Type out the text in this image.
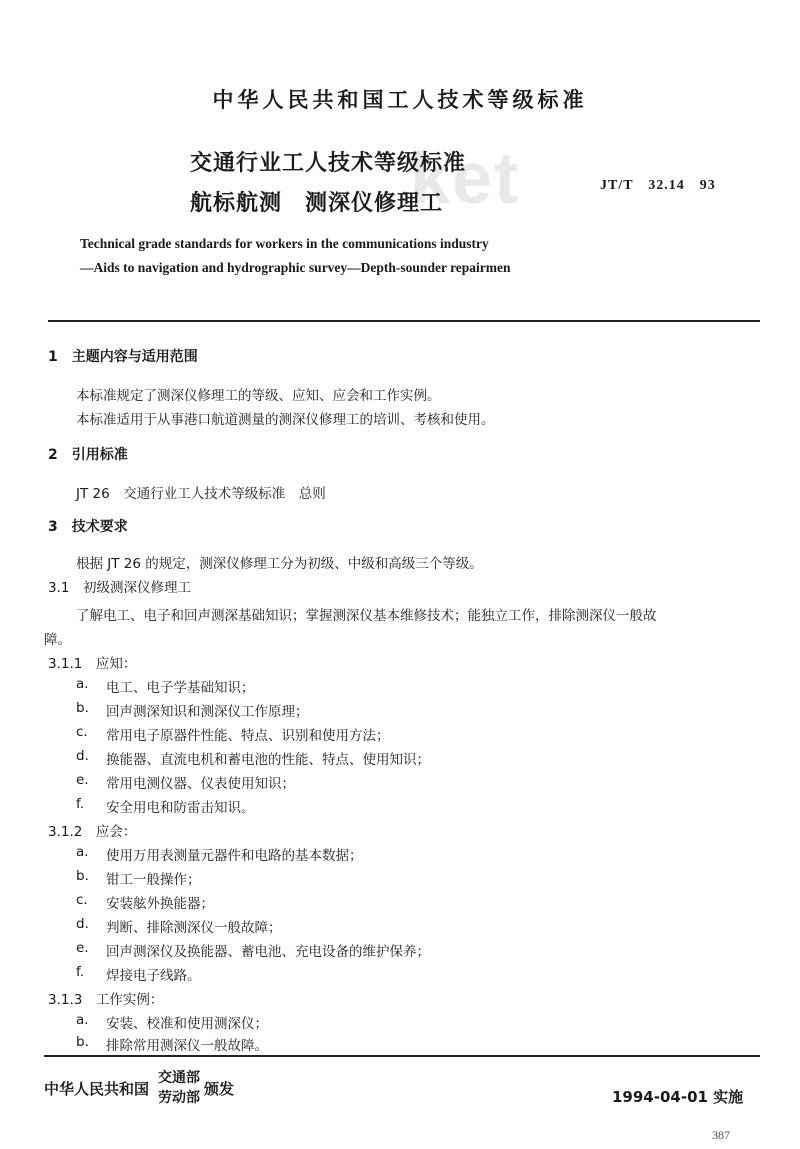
中华人民共和国工人技术等级标准
ket
交通行业工人技术等级标准
航标航测　测深仪修理工
JT/T　32.14　93
Technical grade standards for workers in the communications industry
—Aids to navigation and hydrographic survey—Depth-sounder repairmen
1　主题内容与适用范围
本标准规定了测深仪修理工的等级、应知、应会和工作实例。
本标准适用于从事港口航道测量的测深仪修理工的培训、考核和使用。
2　引用标准
JT 26　交通行业工人技术等级标准　总则
3　技术要求
根据 JT 26 的规定，测深仪修理工分为初级、中级和高级三个等级。
3.1　初级测深仪修理工
了解电工、电子和回声测深基础知识；掌握测深仪基本维修技术；能独立工作，排除测深仪一般故
障。
3.1.1　应知：
a. 电工、电子学基础知识；
b. 回声测深知识和测深仪工作原理；
c. 常用电子原器件性能、特点、识别和使用方法；
d. 换能器、直流电机和蓄电池的性能、特点、使用知识；
e. 常用电测仪器、仪表使用知识；
f. 安全用电和防雷击知识。
3.1.2　应会：
a. 使用万用表测量元器件和电路的基本数据；
b. 钳工一般操作；
c. 安装舷外换能器；
d. 判断、排除测深仪一般故障；
e. 回声测深仪及换能器、蓄电池、充电设备的维护保养；
f. 焊接电子线路。
3.1.3　工作实例：
a. 安装、校准和使用测深仪；
b. 排除常用测深仪一般故障。
中华人民共和国
交通部
劳动部 颁发	1994-04-01 实施
387
